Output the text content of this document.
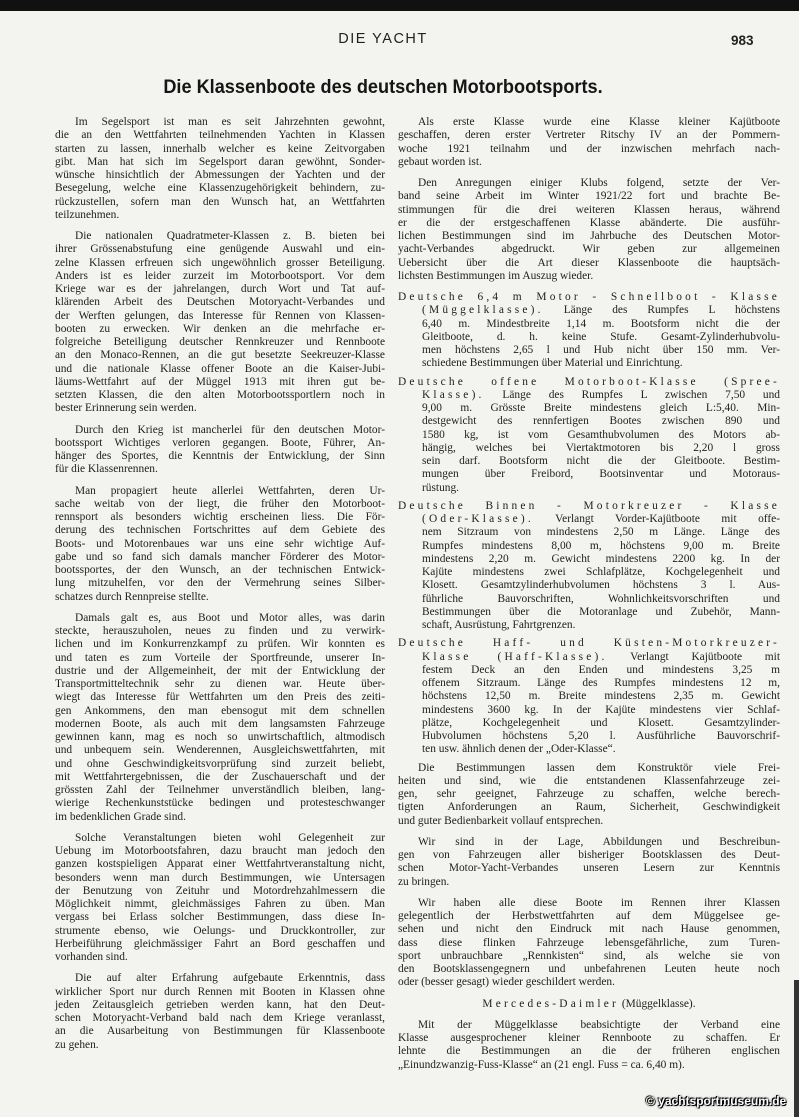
DIE YACHT	983
Die Klassenboote des deutschen Motorbootsports.
Im Segelsport ist man es seit Jahrzehnten gewohnt,
die an den Wettfahrten teilnehmenden Yachten in Klassen
starten zu lassen, innerhalb welcher es keine Zeitvorgaben
gibt. Man hat sich im Segelsport daran gewöhnt, Sonder-
wünsche hinsichtlich der Abmessungen der Yachten und der
Besegelung, welche eine Klassenzugehörigkeit behindern, zu-
rückzustellen, sofern man den Wunsch hat, an Wettfahrten
teilzunehmen.
Die nationalen Quadratmeter-Klassen z. B. bieten bei
ihrer Grössenabstufung eine genügende Auswahl und ein-
zelne Klassen erfreuen sich ungewöhnlich grosser Beteiligung.
Anders ist es leider zurzeit im Motorbootsport. Vor dem
Kriege war es der jahrelangen, durch Wort und Tat auf-
klärenden Arbeit des Deutschen Motoryacht-Verbandes und
der Werften gelungen, das Interesse für Rennen von Klassen-
booten zu erwecken. Wir denken an die mehrfache er-
folgreiche Beteiligung deutscher Rennkreuzer und Rennboote
an den Monaco-Rennen, an die gut besetzte Seekreuzer-Klasse
und die nationale Klasse offener Boote an die Kaiser-Jubi-
läums-Wettfahrt auf der Müggel 1913 mit ihren gut be-
setzten Klassen, die den alten Motorbootssportlern noch in
bester Erinnerung sein werden.
Durch den Krieg ist mancherlei für den deutschen Motor-
bootssport Wichtiges verloren gegangen. Boote, Führer, An-
hänger des Sportes, die Kenntnis der Entwicklung, der Sinn
für die Klassenrennen.
Man propagiert heute allerlei Wettfahrten, deren Ur-
sache weitab von der liegt, die früher den Motorboot-
rennsport als besonders wichtig erscheinen liess. Die För-
derung des technischen Fortschrittes auf dem Gebiete des
Boots- und Motorenbaues war uns eine sehr wichtige Auf-
gabe und so fand sich damals mancher Förderer des Motor-
bootssportes, der den Wunsch, an der technischen Entwick-
lung mitzuhelfen, vor den der Vermehrung seines Silber-
schatzes durch Rennpreise stellte.
Damals galt es, aus Boot und Motor alles, was darin
steckte, herauszuholen, neues zu finden und zu verwirk-
lichen und im Konkurrenzkampf zu prüfen. Wir konnten es
und taten es zum Vorteile der Sportfreunde, unserer In-
dustrie und der Allgemeinheit, der mit der Entwicklung der
Transportmitteltechnik sehr zu dienen war. Heute über-
wiegt das Interesse für Wettfahrten um den Preis des zeiti-
gen Ankommens, den man ebensogut mit dem schnellen
modernen Boote, als auch mit dem langsamsten Fahrzeuge
gewinnen kann, mag es noch so unwirtschaftlich, altmodisch
und unbequem sein. Wenderennen, Ausgleichswettfahrten, mit
und ohne Geschwindigkeitsvorprüfung sind zurzeit beliebt,
mit Wettfahrtergebnissen, die der Zuschauerschaft und der
grössten Zahl der Teilnehmer unverständlich bleiben, lang-
wierige Rechenkunststücke bedingen und protesteschwanger
im bedenklichen Grade sind.
Solche Veranstaltungen bieten wohl Gelegenheit zur
Uebung im Motorbootsfahren, dazu braucht man jedoch den
ganzen kostspieligen Apparat einer Wettfahrtveranstaltung nicht,
besonders wenn man durch Bestimmungen, wie Untersagen
der Benutzung von Zeituhr und Motordrehzahlmessern die
Möglichkeit nimmt, gleichmässiges Fahren zu üben. Man
vergass bei Erlass solcher Bestimmungen, dass diese In-
strumente ebenso, wie Oelungs- und Druckkontroller, zur
Herbeiführung gleichmässiger Fahrt an Bord geschaffen und
vorhanden sind.
Die auf alter Erfahrung aufgebaute Erkenntnis, dass
wirklicher Sport nur durch Rennen mit Booten in Klassen ohne
jeden Zeitausgleich getrieben werden kann, hat den Deut-
schen Motoryacht-Verband bald nach dem Kriege veranlasst,
an die Ausarbeitung von Bestimmungen für Klassenboote
zu gehen.
Als erste Klasse wurde eine Klasse kleiner Kajütboote
geschaffen, deren erster Vertreter Ritschy IV an der Pommern-
woche 1921 teilnahm und der inzwischen mehrfach nach-
gebaut worden ist.
Den Anregungen einiger Klubs folgend, setzte der Ver-
band seine Arbeit im Winter 1921/22 fort und brachte Be-
stimmungen für die drei weiteren Klassen heraus, während
er die der erstgeschaffenen Klasse abänderte. Die ausführ-
lichen Bestimmungen sind im Jahrbuche des Deutschen Motor-
yacht-Verbandes abgedruckt. Wir geben zur allgemeinen
Uebersicht über die Art dieser Klassenboote die hauptsäch-
lichsten Bestimmungen im Auszug wieder.
Deutsche 6,4 m Motor - Schnellboot - Klasse
(Müggelklasse). Länge des Rumpfes L höchstens
6,40 m. Mindestbreite 1,14 m. Bootsform nicht die der
Gleitboote, d. h. keine Stufe. Gesamt-Zylinderhubvolu-
men höchstens 2,65 l und Hub nicht über 150 mm. Ver-
schiedene Bestimmungen über Material und Einrichtung.
Deutsche offene Motorboot-Klasse (Spree-
Klasse). Länge des Rumpfes L zwischen 7,50 und
9,00 m. Grösste Breite mindestens gleich L:5,40. Min-
destgewicht des rennfertigen Bootes zwischen 890 und
1580 kg, ist vom Gesamthubvolumen des Motors ab-
hängig, welches bei Viertaktmotoren bis 2,20 l gross
sein darf. Bootsform nicht die der Gleitboote. Bestim-
mungen über Freibord, Bootsinventar und Motoraus-
rüstung.
Deutsche Binnen - Motorkreuzer - Klasse
(Oder-Klasse). Verlangt Vorder-Kajütboote mit offe-
nem Sitzraum von mindestens 2,50 m Länge. Länge des
Rumpfes mindestens 8,00 m, höchstens 9,00 m. Breite
mindestens 2,20 m. Gewicht mindestens 2200 kg. In der
Kajüte mindestens zwei Schlafplätze, Kochgelegenheit und
Klosett. Gesamtzylinderhubvolumen höchstens 3 l. Aus-
führliche Bauvorschriften, Wohnlichkeitsvorschriften und
Bestimmungen über die Motoranlage und Zubehör, Mann-
schaft, Ausrüstung, Fahrtgrenzen.
Deutsche Haff- und Küsten-Motorkreuzer-
Klasse (Haff-Klasse). Verlangt Kajütboote mit
festem Deck an den Enden und mindestens 3,25 m
offenem Sitzraum. Länge des Rumpfes mindestens 12 m,
höchstens 12,50 m. Breite mindestens 2,35 m. Gewicht
mindestens 3600 kg. In der Kajüte mindestens vier Schlaf-
plätze, Kochgelegenheit und Klosett. Gesamtzylinder-
Hubvolumen höchstens 5,20 l. Ausführliche Bauvorschrif-
ten usw. ähnlich denen der „Oder-Klasse“.
Die Bestimmungen lassen dem Konstruktör viele Frei-
heiten und sind, wie die entstandenen Klassenfahrzeuge zei-
gen, sehr geeignet, Fahrzeuge zu schaffen, welche berech-
tigten Anforderungen an Raum, Sicherheit, Geschwindigkeit
und guter Bedienbarkeit vollauf entsprechen.
Wir sind in der Lage, Abbildungen und Beschreibun-
gen von Fahrzeugen aller bisheriger Bootsklassen des Deut-
schen Motor-Yacht-Verbandes unseren Lesern zur Kenntnis
zu bringen.
Wir haben alle diese Boote im Rennen ihrer Klassen
gelegentlich der Herbstwettfahrten auf dem Müggelsee ge-
sehen und nicht den Eindruck mit nach Hause genommen,
dass diese flinken Fahrzeuge lebensgefährliche, zum Turen-
sport unbrauchbare „Rennkisten“ sind, als welche sie von
den Bootsklassengegnern und unbefahrenen Leuten heute noch
oder (besser gesagt) wieder geschildert werden.
Mercedes-Daimler (Müggelklasse).
Mit der Müggelklasse beabsichtigte der Verband eine
Klasse ausgesprochener kleiner Rennboote zu schaffen. Er
lehnte die Bestimmungen an die der früheren englischen
„Einundzwanzig-Fuss-Klasse“ an (21 engl. Fuss = ca. 6,40 m).
© yachtsportmuseum.de
